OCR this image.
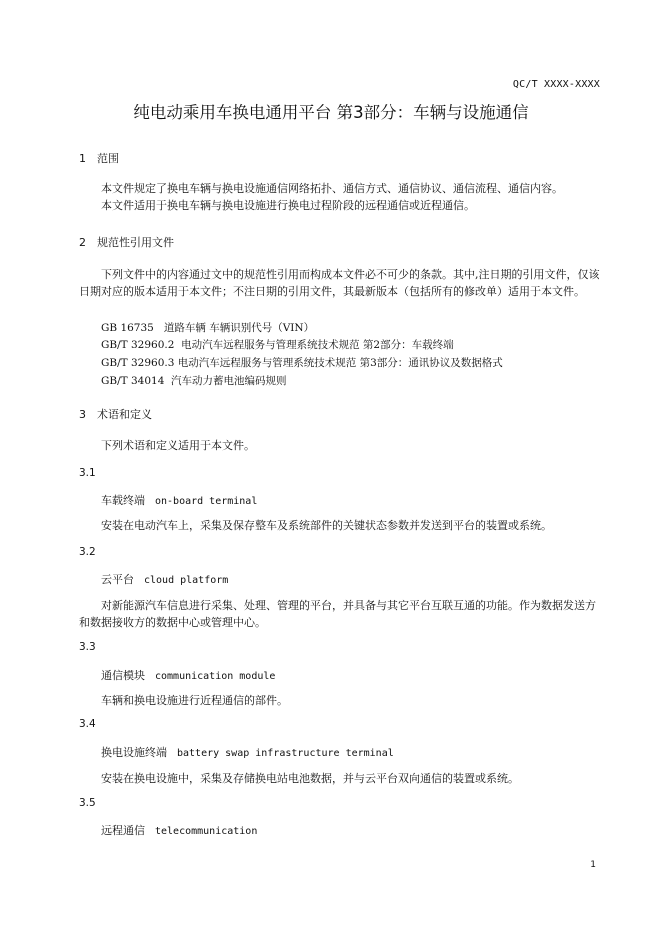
QC/T XXXX-XXXX
纯电动乘用车换电通用平台 第3部分：车辆与设施通信
1 范围

本文件规定了换电车辆与换电设施通信网络拓扑、通信方式、通信协议、通信流程、通信内容。

本文件适用于换电车辆与换电设施进行换电过程阶段的远程通信或近程通信。

2 规范性引用文件

下列文件中的内容通过文中的规范性引用而构成本文件必不可少的条款。其中,注日期的引用文件，仅该日期对应的版本适用于本文件；不注日期的引用文件，其最新版本（包括所有的修改单）适用于本文件。

GB 16735   道路车辆 车辆识别代号（VIN）
GB/T 32960.2  电动汽车远程服务与管理系统技术规范 第2部分：车载终端
GB/T 32960.3 电动汽车远程服务与管理系统技术规范 第3部分：通讯协议及数据格式
GB/T 34014  汽车动力蓄电池编码规则
3 术语和定义

下列术语和定义适用于本文件。

3.1
车载终端 on-board terminal

安装在电动汽车上，采集及保存整车及系统部件的关键状态参数并发送到平台的装置或系统。

3.2
云平台 cloud platform

对新能源汽车信息进行采集、处理、管理的平台，并具备与其它平台互联互通的功能。作为数据发送方和数据接收方的数据中心或管理中心。

3.3
通信模块 communication module

车辆和换电设施进行近程通信的部件。

3.4
换电设施终端 battery swap infrastructure terminal

安装在换电设施中，采集及存储换电站电池数据，并与云平台双向通信的装置或系统。

3.5
远程通信 telecommunication
1
